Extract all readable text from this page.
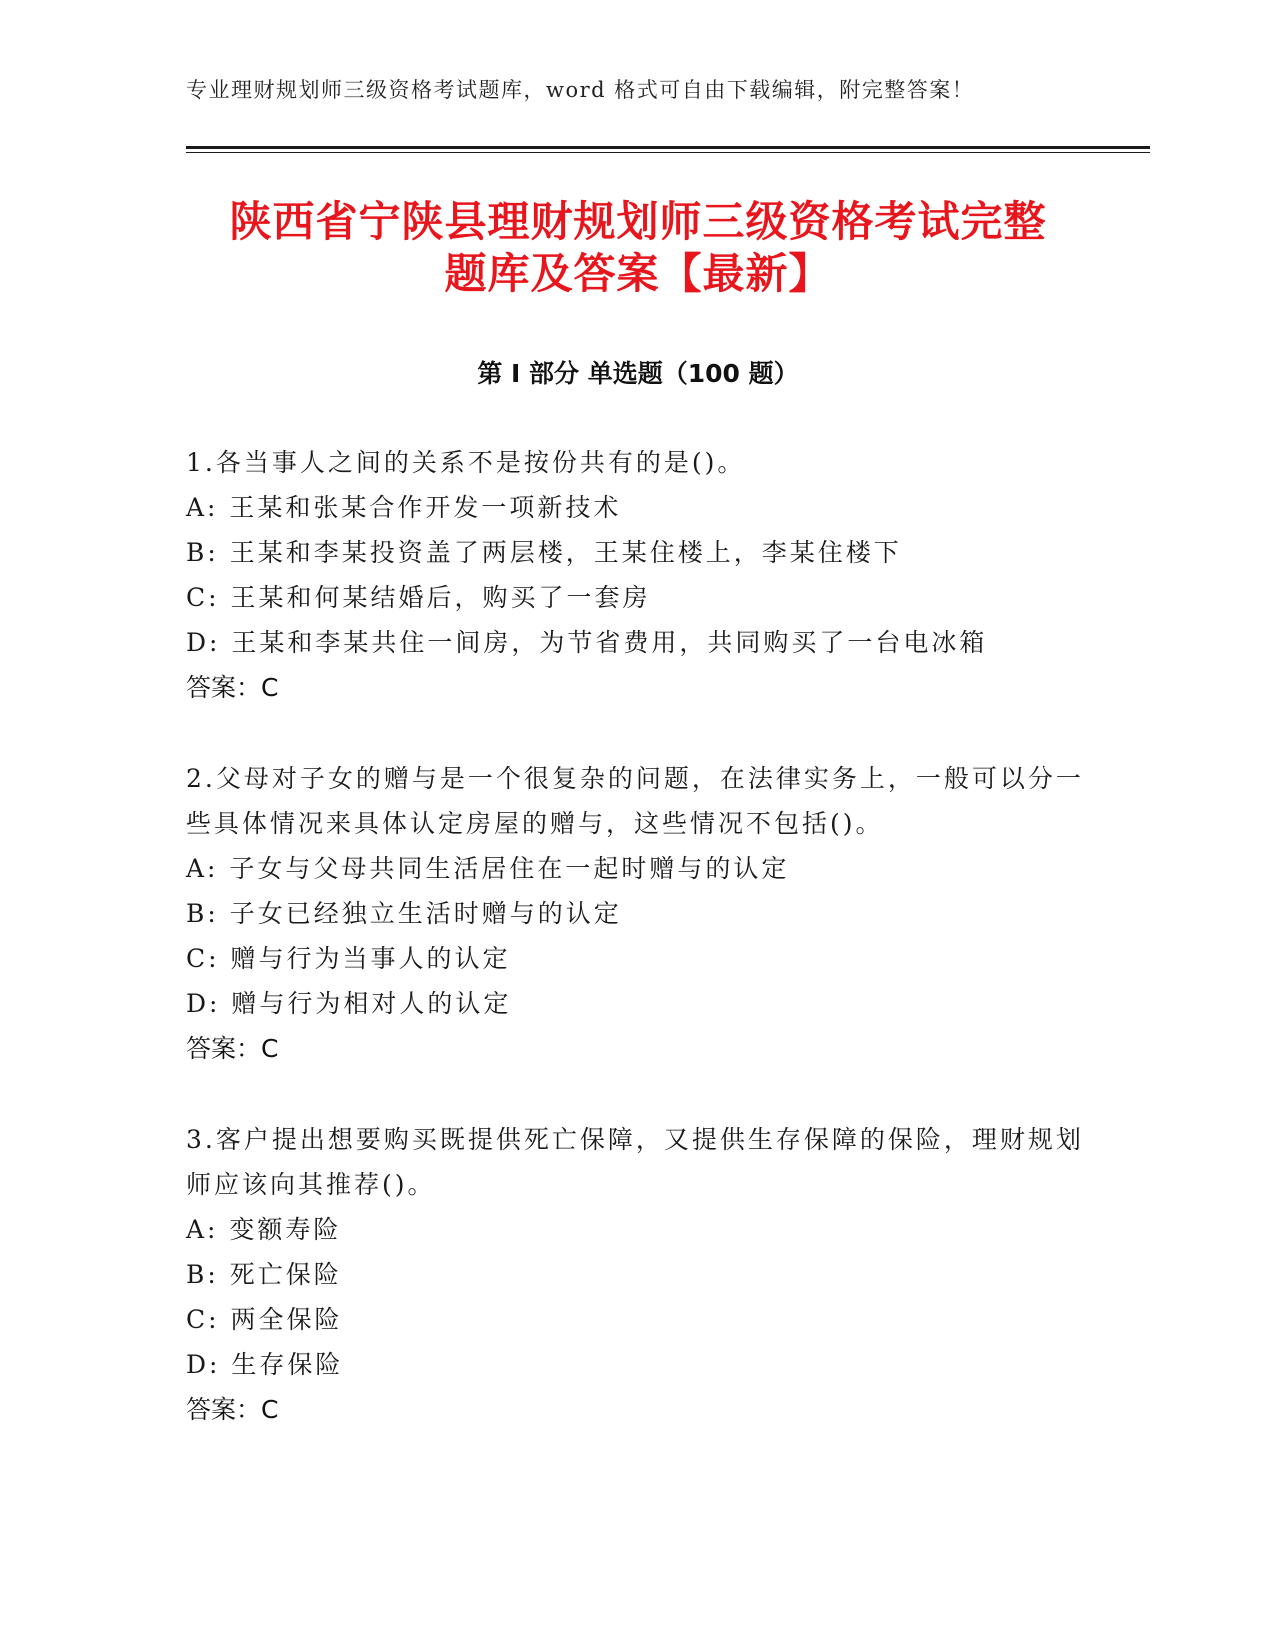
专业理财规划师三级资格考试题库，word 格式可自由下载编辑，附完整答案！
陕西省宁陕县理财规划师三级资格考试完整
题库及答案【最新】
第 I 部分 单选题（100 题）
1.各当事人之间的关系不是按份共有的是()。
A: 王某和张某合作开发一项新技术
B: 王某和李某投资盖了两层楼，王某住楼上，李某住楼下
C: 王某和何某结婚后，购买了一套房
D: 王某和李某共住一间房，为节省费用，共同购买了一台电冰箱
答案：C
2.父母对子女的赠与是一个很复杂的问题，在法律实务上，一般可以分一些具体情况来具体认定房屋的赠与，这些情况不包括()。
A: 子女与父母共同生活居住在一起时赠与的认定
B: 子女已经独立生活时赠与的认定
C: 赠与行为当事人的认定
D: 赠与行为相对人的认定
答案：C
3.客户提出想要购买既提供死亡保障，又提供生存保障的保险，理财规划师应该向其推荐()。
A: 变额寿险
B: 死亡保险
C: 两全保险
D: 生存保险
答案：C
